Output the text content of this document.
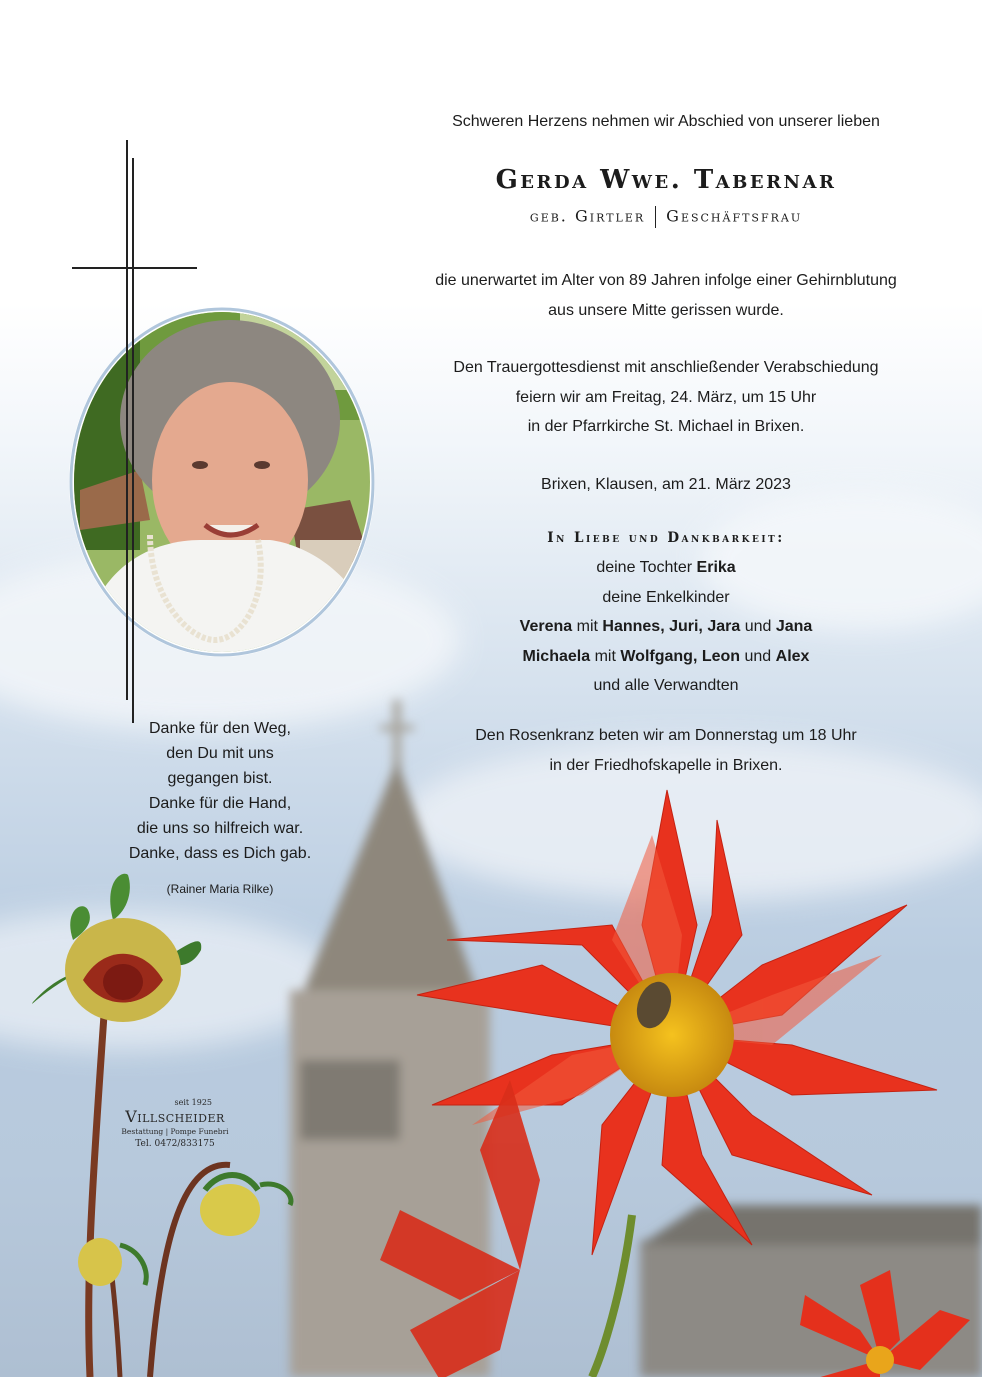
Schweren Herzens nehmen wir Abschied von unserer lieben
Gerda Wwe. Tabernar
geb. Girtler Geschäftsfrau
die unerwartet im Alter von 89 Jahren infolge einer Gehirnblutung
aus unsere Mitte gerissen wurde.
Den Trauergottesdienst mit anschließender Verabschiedung
feiern wir am Freitag, 24. März, um 15 Uhr
in der Pfarrkirche St. Michael in Brixen.
Brixen, Klausen, am 21. März 2023
In Liebe und Dankbarkeit:
deine Tochter Erika
deine Enkelkinder
Verena mit Hannes, Juri, Jara und Jana
Michaela mit Wolfgang, Leon und Alex
und alle Verwandten
Den Rosenkranz beten wir am Donnerstag um 18 Uhr
in der Friedhofskapelle in Brixen.
Danke für den Weg,
den Du mit uns
gegangen bist.
Danke für die Hand,
die uns so hilfreich war.
Danke, dass es Dich gab.
(Rainer Maria Rilke)
seit 1925
Villscheider
Bestattung | Pompe Funebri
Tel. 0472/833175
